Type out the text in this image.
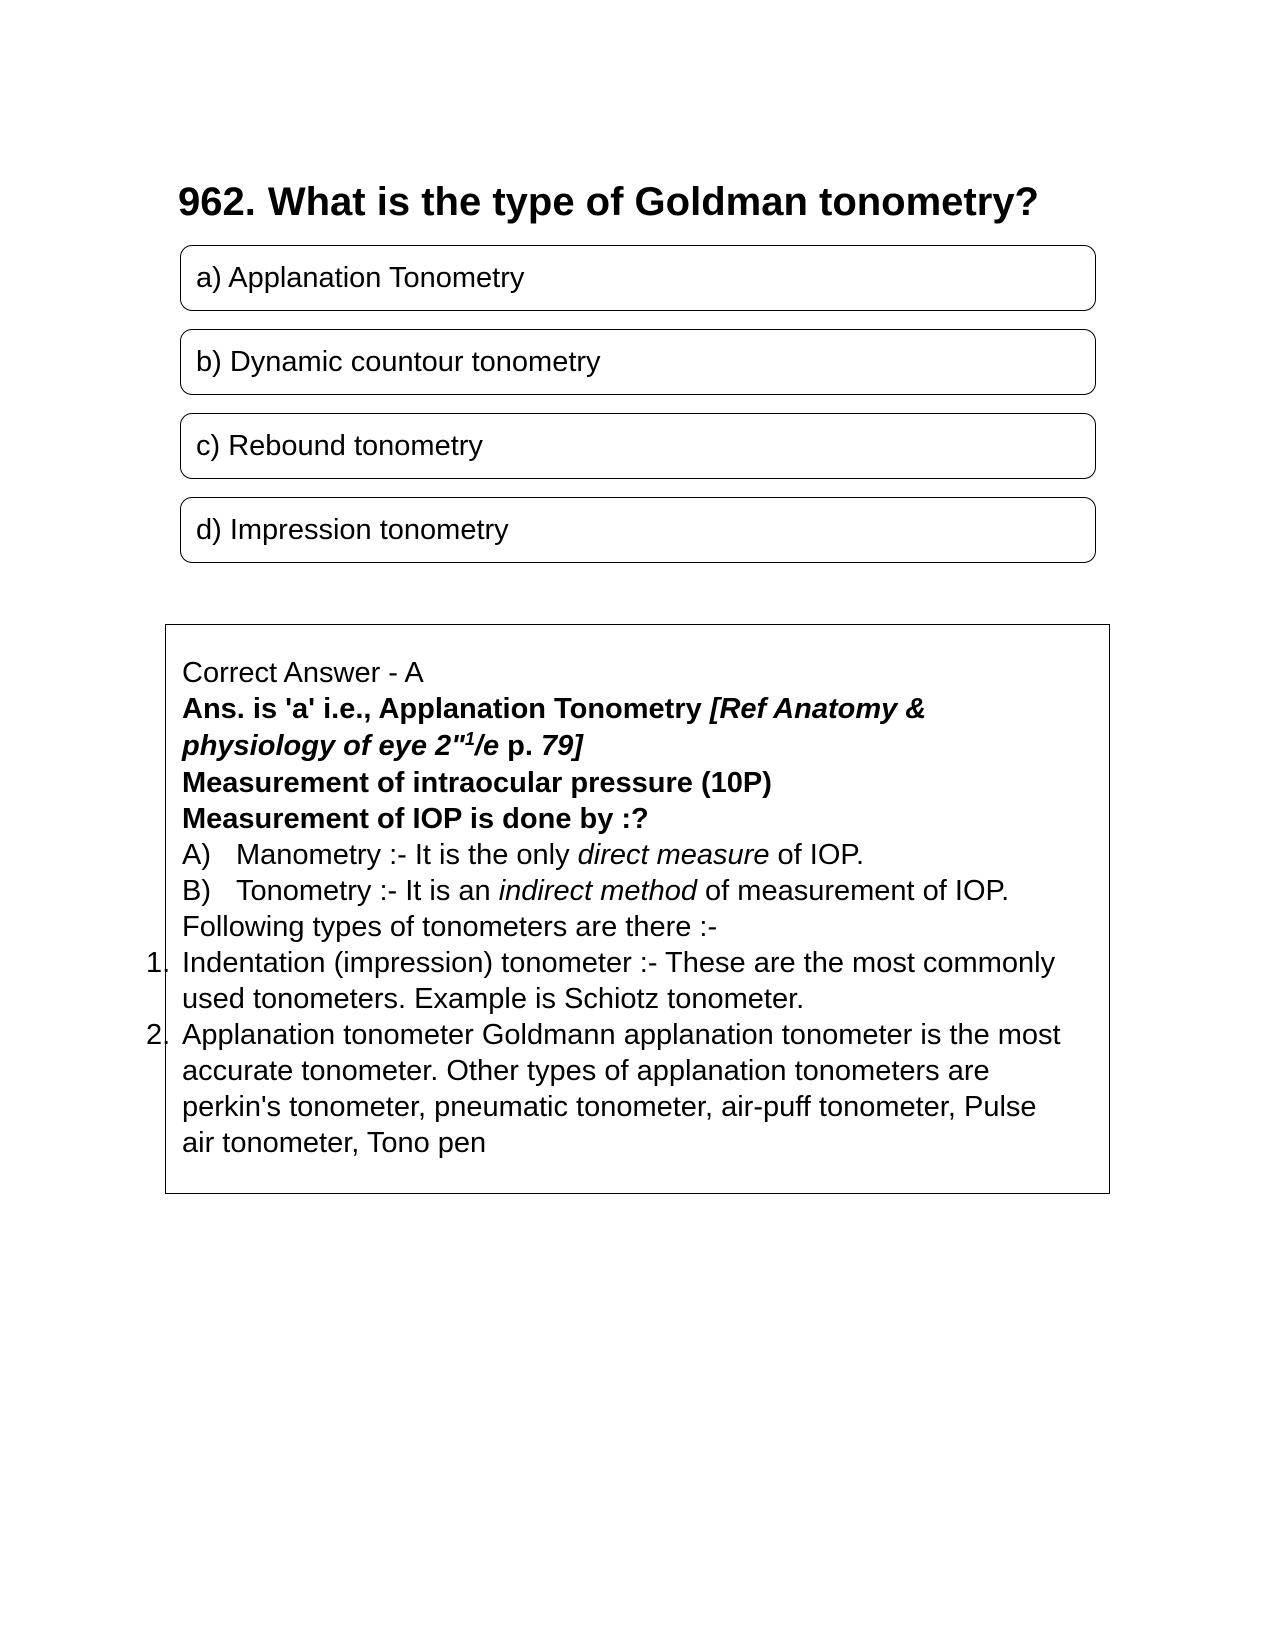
962. What is the type of Goldman tonometry?
a) Applanation Tonometry
b) Dynamic countour tonometry
c) Rebound tonometry
d) Impression tonometry
Correct Answer - A
Ans. is 'a' i.e., Applanation Tonometry [Ref Anatomy &
physiology of eye 2"$^1$/e p. 79]
Measurement of intraocular pressure (10P)
Measurement of IOP is done by :?
A) Manometry :- It is the only direct measure of IOP.
B) Tonometry :- It is an indirect method of measurement of IOP.
Following types of tonometers are there :-
1. Indentation (impression) tonometer :- These are the most commonly
used tonometers. Example is Schiotz tonometer.
2. Applanation tonometer Goldmann applanation tonometer is the most
accurate tonometer. Other types of applanation tonometers are
perkin's tonometer, pneumatic tonometer, air-puff tonometer, Pulse
air tonometer, Tono pen
